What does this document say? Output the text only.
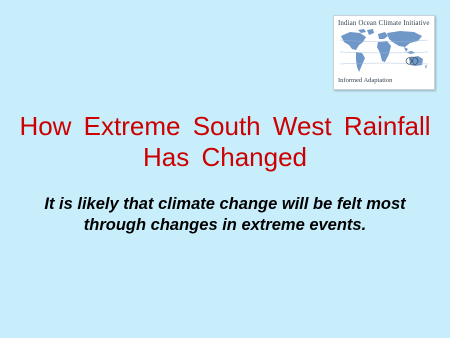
Indian Ocean Climate Initiative
Informed Adaptation
How Extreme South West Rainfall Has Changed
It is likely that climate change will be felt most through changes in extreme events.
